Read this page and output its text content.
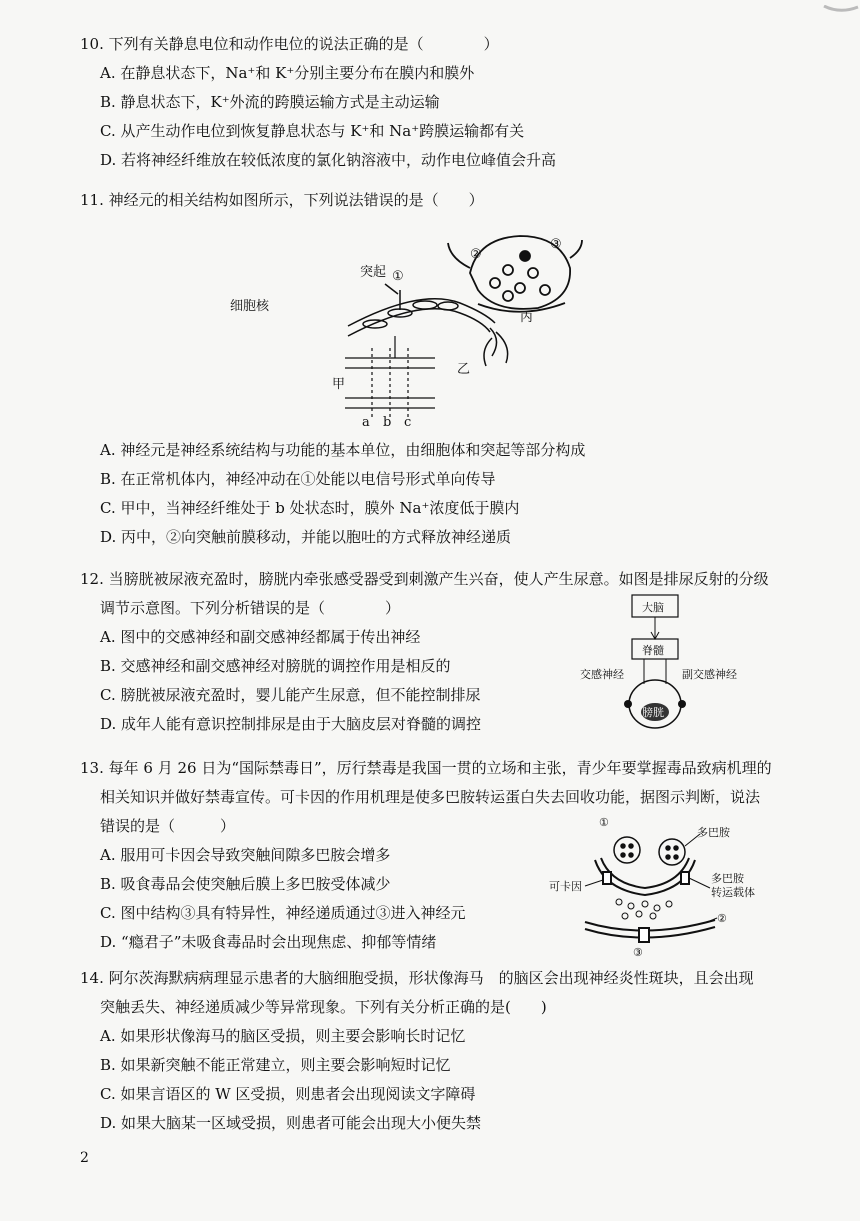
10. 下列有关静息电位和动作电位的说法正确的是（　　　　）

A. 在静息状态下，Na⁺和 K⁺分别主要分布在膜内和膜外

B. 静息状态下，K⁺外流的跨膜运输方式是主动运输

C. 从产生动作电位到恢复静息状态与 K⁺和 Na⁺跨膜运输都有关

D. 若将神经纤维放在较低浓度的氯化钠溶液中，动作电位峰值会升高

11. 神经元的相关结构如图所示，下列说法错误的是（　　）

细胞核
突起 ①
②
③
甲
乙
丙
a b c

A. 神经元是神经系统结构与功能的基本单位，由细胞体和突起等部分构成

B. 在正常机体内，神经冲动在①处能以电信号形式单向传导

C. 甲中，当神经纤维处于 b 处状态时，膜外 Na⁺浓度低于膜内

D. 丙中，②向突触前膜移动，并能以胞吐的方式释放神经递质

12. 当膀胱被尿液充盈时，膀胱内牵张感受器受到刺激产生兴奋，使人产生尿意。如图是排尿反射的分级

调节示意图。下列分析错误的是（　　　　）

A. 图中的交感神经和副交感神经都属于传出神经

B. 交感神经和副交感神经对膀胱的调控作用是相反的

C. 膀胱被尿液充盈时，婴儿能产生尿意，但不能控制排尿

D. 成年人能有意识控制排尿是由于大脑皮层对脊髓的调控

大脑
脊髓
交感神经	副交感神经
膀胱

13. 每年 6 月 26 日为“国际禁毒日”，厉行禁毒是我国一贯的立场和主张，青少年要掌握毒品致病机理的

相关知识并做好禁毒宣传。可卡因的作用机理是使多巴胺转运蛋白失去回收功能，据图示判断，说法

错误的是（　　　）

A. 服用可卡因会导致突触间隙多巴胺会增多

B. 吸食毒品会使突触后膜上多巴胺受体减少

C. 图中结构③具有特异性，神经递质通过③进入神经元

D. “瘾君子”未吸食毒品时会出现焦虑、抑郁等情绪

①
多巴胺
可卡因
多巴胺
转运载体
②
③

14. 阿尔茨海默病病理显示患者的大脑细胞受损，形状像海马　的脑区会出现神经炎性斑块，且会出现

突触丢失、神经递质减少等异常现象。下列有关分析正确的是(　　)

A. 如果形状像海马的脑区受损，则主要会影响长时记忆

B. 如果新突触不能正常建立，则主要会影响短时记忆

C. 如果言语区的 W 区受损，则患者会出现阅读文字障碍

D. 如果大脑某一区域受损，则患者可能会出现大小便失禁

2
